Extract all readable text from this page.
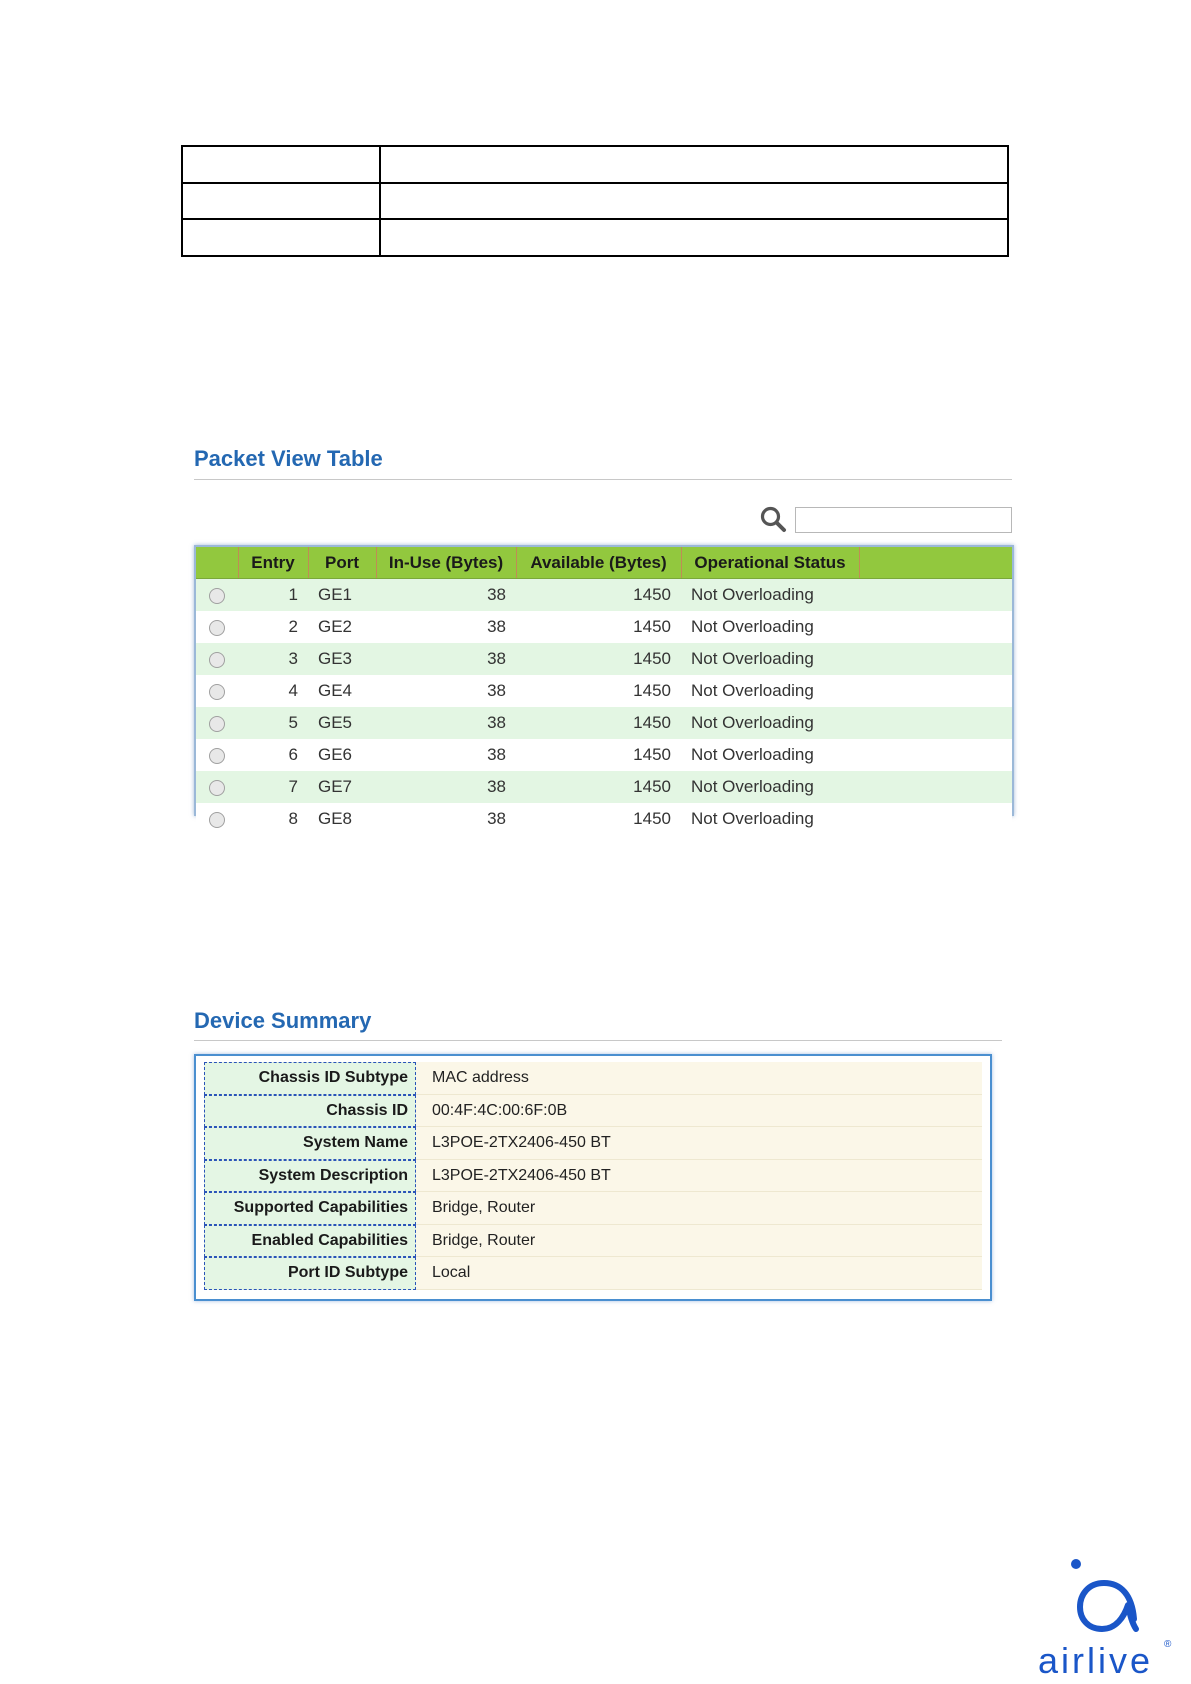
Packet View Table
	Entry	Port	In-Use (Bytes)	Available (Bytes)	Operational Status	
	1	GE1	38	1450	Not Overloading	
	2	GE2	38	1450	Not Overloading	
	3	GE3	38	1450	Not Overloading	
	4	GE4	38	1450	Not Overloading	
	5	GE5	38	1450	Not Overloading	
	6	GE6	38	1450	Not Overloading	
	7	GE7	38	1450	Not Overloading	
	8	GE8	38	1450	Not Overloading	
Device Summary
Chassis ID Subtype	MAC address
Chassis ID	00:4F:4C:00:6F:0B
System Name	L3POE-2TX2406-450 BT
System Description	L3POE-2TX2406-450 BT
Supported Capabilities	Bridge, Router
Enabled Capabilities	Bridge, Router
Port ID Subtype	Local
airlive ®
